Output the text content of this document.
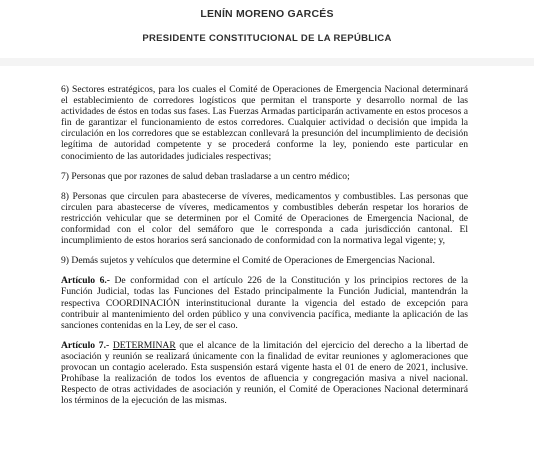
LENÍN MORENO GARCÉS
PRESIDENTE CONSTITUCIONAL DE LA REPÚBLICA

6) Sectores estratégicos, para los cuales el Comité de Operaciones de Emergencia Nacional determinará el establecimiento de corredores logísticos que permitan el transporte y desarrollo normal de las actividades de éstos en todas sus fases. Las Fuerzas Armadas participarán activamente en estos procesos a fin de garantizar el funcionamiento de estos corredores. Cualquier actividad o decisión que impida la circulación en los corredores que se establezcan conllevará la presunción del incumplimiento de decisión legítima de autoridad competente y se procederá conforme la ley, poniendo este particular en conocimiento de las autoridades judiciales respectivas;

7) Personas que por razones de salud deban trasladarse a un centro médico;

8) Personas que circulen para abastecerse de víveres, medicamentos y combustibles. Las personas que circulen para abastecerse de víveres, medicamentos y combustibles deberán respetar los horarios de restricción vehicular que se determinen por el Comité de Operaciones de Emergencia Nacional, de conformidad con el color del semáforo que le corresponda a cada jurisdicción cantonal. El incumplimiento de estos horarios será sancionado de conformidad con la normativa legal vigente; y,

9) Demás sujetos y vehículos que determine el Comité de Operaciones de Emergencias Nacional.

Artículo 6.- De conformidad con el artículo 226 de la Constitución y los principios rectores de la Función Judicial, todas las Funciones del Estado principalmente la Función Judicial, mantendrán la respectiva COORDINACIÓN interinstitucional durante la vigencia del estado de excepción para contribuir al mantenimiento del orden público y una convivencia pacífica, mediante la aplicación de las sanciones contenidas en la Ley, de ser el caso.

Artículo 7.- DETERMINAR que el alcance de la limitación del ejercicio del derecho a la libertad de asociación y reunión se realizará únicamente con la finalidad de evitar reuniones y aglomeraciones que provocan un contagio acelerado. Esta suspensión estará vigente hasta el 01 de enero de 2021, inclusive. Prohíbase la realización de todos los eventos de afluencia y congregación masiva a nivel nacional. Respecto de otras actividades de asociación y reunión, el Comité de Operaciones Nacional determinará los términos de la ejecución de las mismas.
